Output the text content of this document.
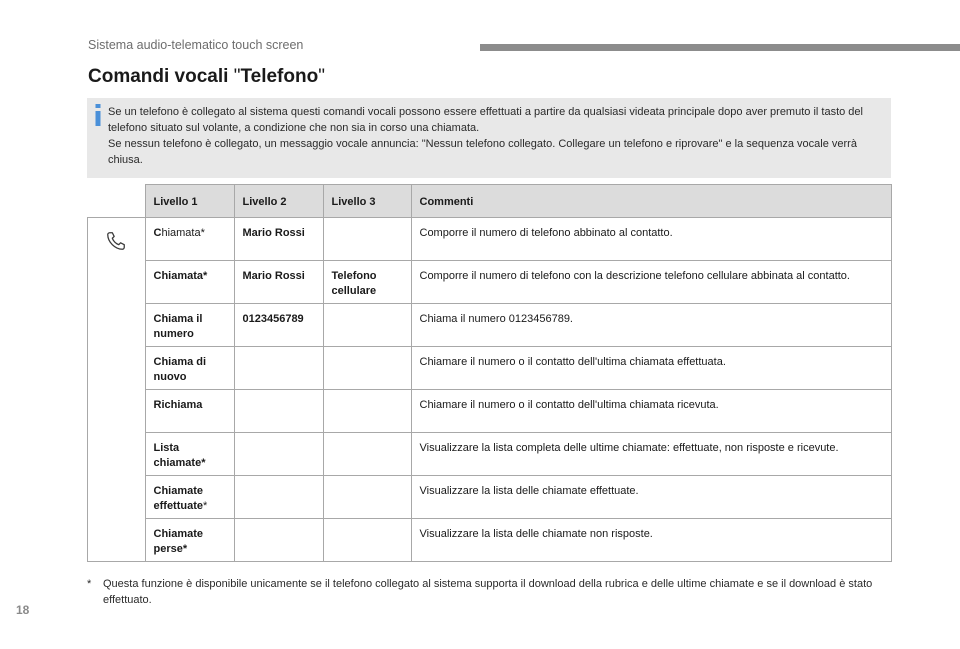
Sistema audio-telematico touch screen
Comandi vocali "Telefono"

Se un telefono è collegato al sistema questi comandi vocali possono essere effettuati a partire da qualsiasi videata principale dopo aver premuto il tasto del telefono situato sul volante, a condizione che non sia in corso una chiamata.

Se nessun telefono è collegato, un messaggio vocale annuncia: "Nessun telefono collegato. Collegare un telefono e riprovare" e la sequenza vocale verrà chiusa.

	Livello 1	Livello 2	Livello 3	Commenti
	Chiamata*	Mario Rossi		Comporre il numero di telefono abbinato al contatto.
	Chiamata*	Mario Rossi	Telefono cellulare	Comporre il numero di telefono con la descrizione telefono cellulare abbinata al contatto.
	Chiama il numero	0123456789		Chiama il numero 0123456789.
	Chiama di nuovo			Chiamare il numero o il contatto dell'ultima chiamata effettuata.
	Richiama			Chiamare il numero o il contatto dell'ultima chiamata ricevuta.
	Lista chiamate*			Visualizzare la lista completa delle ultime chiamate: effettuate, non risposte e ricevute.
	Chiamate effettuate*			Visualizzare la lista delle chiamate effettuate.
	Chiamate perse*			Visualizzare la lista delle chiamate non risposte.
* Questa funzione è disponibile unicamente se il telefono collegato al sistema supporta il download della rubrica e delle ultime chiamate e se il download è stato effettuato.
18
